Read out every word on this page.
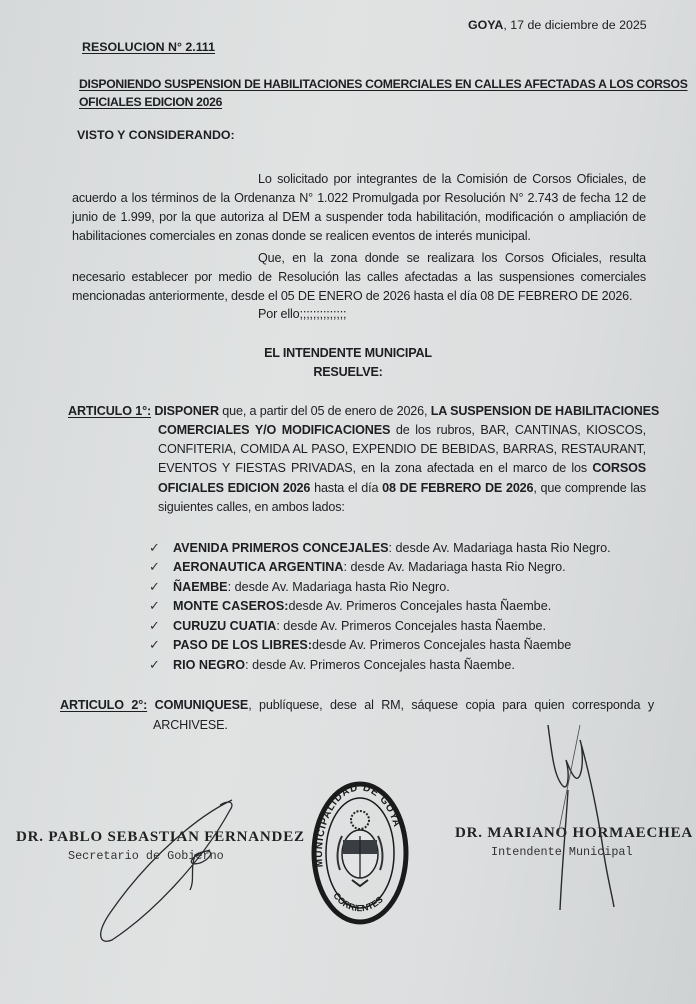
GOYA, 17 de diciembre de 2025
RESOLUCION N° 2.111
DISPONIENDO SUSPENSION DE HABILITACIONES COMERCIALES EN CALLES AFECTADAS A LOS CORSOS
OFICIALES EDICION 2026
VISTO Y CONSIDERANDO:
Lo solicitado por integrantes de la Comisión de Corsos Oficiales, de
acuerdo a los términos de la Ordenanza N° 1.022 Promulgada por Resolución N° 2.743 de fecha 12 de
junio de 1.999, por la que autoriza al DEM a suspender toda habilitación, modificación o ampliación de
habilitaciones comerciales en zonas donde se realicen eventos de interés municipal.
Que, en la zona donde se realizara los Corsos Oficiales, resulta
necesario establecer por medio de Resolución las calles afectadas a las suspensiones comerciales
mencionadas anteriormente, desde el 05 DE ENERO de 2026 hasta el día 08 DE FEBRERO DE 2026.
Por ello;;;;;;;;;;;;;;
EL INTENDENTE MUNICIPAL
RESUELVE:
ARTICULO 1°: DISPONER que, a partir del 05 de enero de 2026, LA SUSPENSION DE HABILITACIONES
COMERCIALES Y/O MODIFICACIONES de los rubros, BAR, CANTINAS, KIOSCOS,
CONFITERIA, COMIDA AL PASO, EXPENDIO DE BEBIDAS, BARRAS, RESTAURANT,
EVENTOS Y FIESTAS PRIVADAS, en la zona afectada en el marco de los CORSOS
OFICIALES EDICION 2026 hasta el día 08 DE FEBRERO DE 2026, que comprende las
siguientes calles, en ambos lados:
✓	AVENIDA PRIMEROS CONCEJALES : desde Av. Madariaga hasta Rio Negro.
✓	AERONAUTICA ARGENTINA : desde Av. Madariaga hasta Rio Negro.
✓	ÑAEMBE : desde Av. Madariaga hasta Rio Negro.
✓	MONTE CASEROS: desde Av. Primeros Concejales hasta Ñaembe.
✓	CURUZU CUATIA : desde Av. Primeros Concejales hasta Ñaembe.
✓	PASO DE LOS LIBRES: desde Av. Primeros Concejales hasta Ñaembe
✓	RIO NEGRO : desde Av. Primeros Concejales hasta Ñaembe.
ARTICULO 2°: COMUNIQUESE, publíquese, dese al RM, sáquese copia para quien corresponda y
ARCHIVESE.
DR. PABLO SEBASTIAN FERNANDEZ
Secretario de Gobierno	MUNICIPALIDAD DE GOYA
CORRIENTES
DR. MARIANO HORMAECHEA
Intendente Municipal
